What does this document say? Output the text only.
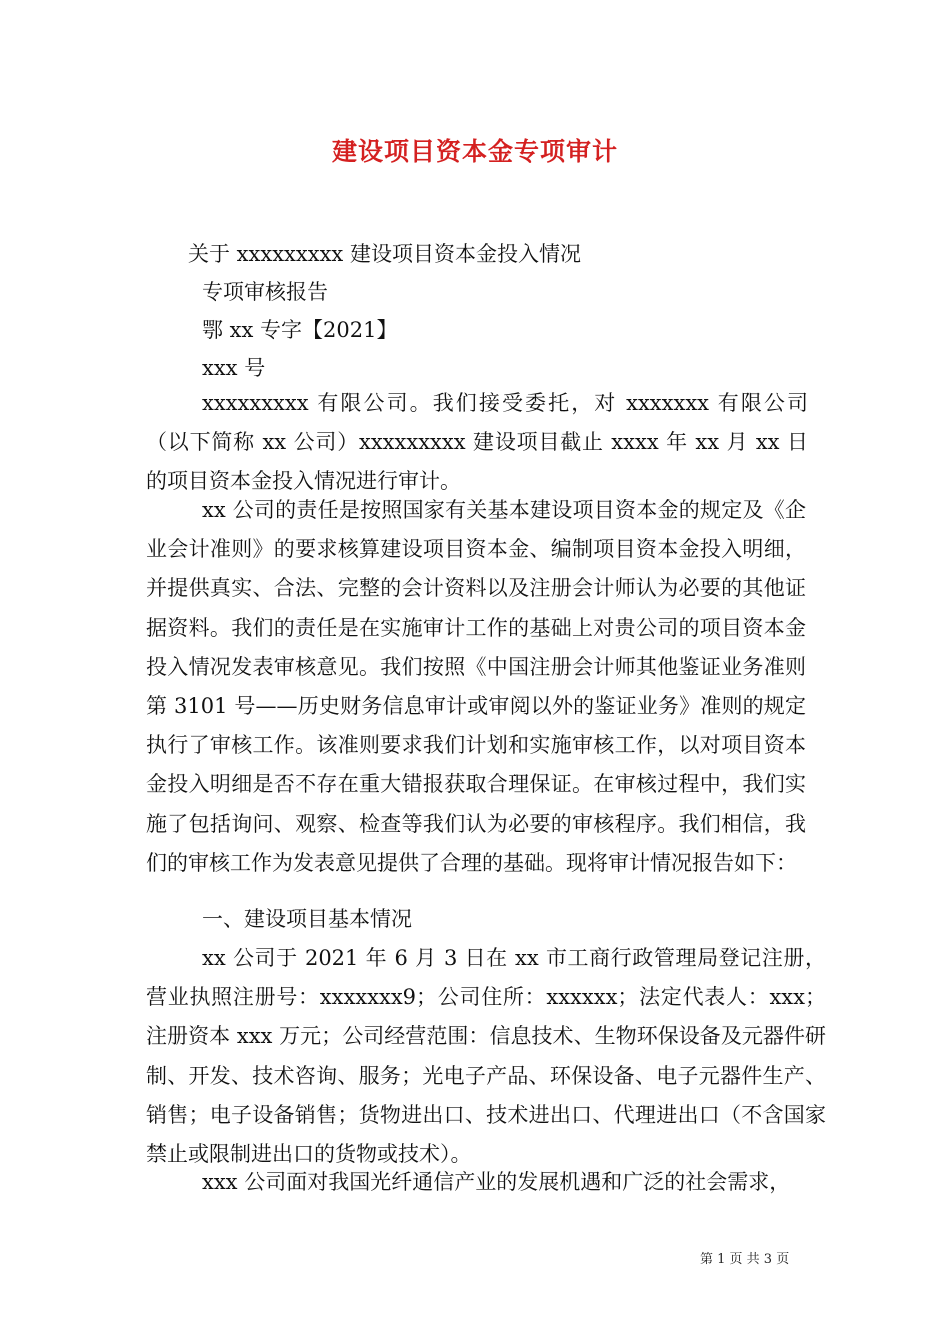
建设项目资本金专项审计
关于 xxxxxxxxx 建设项目资本金投入情况
专项审核报告
鄂 xx 专字【2021】
xxx 号

xxxxxxxxx 有限公司。我们接受委托，对 xxxxxxx 有限公司（以下简称 xx 公司）xxxxxxxxx 建设项目截止 xxxx 年 xx 月 xx 日的项目资本金投入情况进行审计。

xx 公司的责任是按照国家有关基本建设项目资本金的规定及《企业会计准则》的要求核算建设项目资本金、编制项目资本金投入明细，并提供真实、合法、完整的会计资料以及注册会计师认为必要的其他证据资料。我们的责任是在实施审计工作的基础上对贵公司的项目资本金投入情况发表审核意见。我们按照《中国注册会计师其他鉴证业务准则第 3101 号——历史财务信息审计或审阅以外的鉴证业务》准则的规定执行了审核工作。该准则要求我们计划和实施审核工作，以对项目资本金投入明细是否不存在重大错报获取合理保证。在审核过程中，我们实施了包括询问、观察、检查等我们认为必要的审核程序。我们相信，我们的审核工作为发表意见提供了合理的基础。现将审计情况报告如下：

一、建设项目基本情况

xx 公司于 2021 年 6 月 3 日在 xx 市工商行政管理局登记注册，营业执照注册号：xxxxxxx9；公司住所：xxxxxx；法定代表人：xxx；注册资本 xxx 万元；公司经营范围：信息技术、生物环保设备及元器件研制、开发、技术咨询、服务；光电子产品、环保设备、电子元器件生产、销售；电子设备销售；货物进出口、技术进出口、代理进出口（不含国家禁止或限制进出口的货物或技术）。

xxx 公司面对我国光纤通信产业的发展机遇和广泛的社会需求，

第 1 页 共 3 页
